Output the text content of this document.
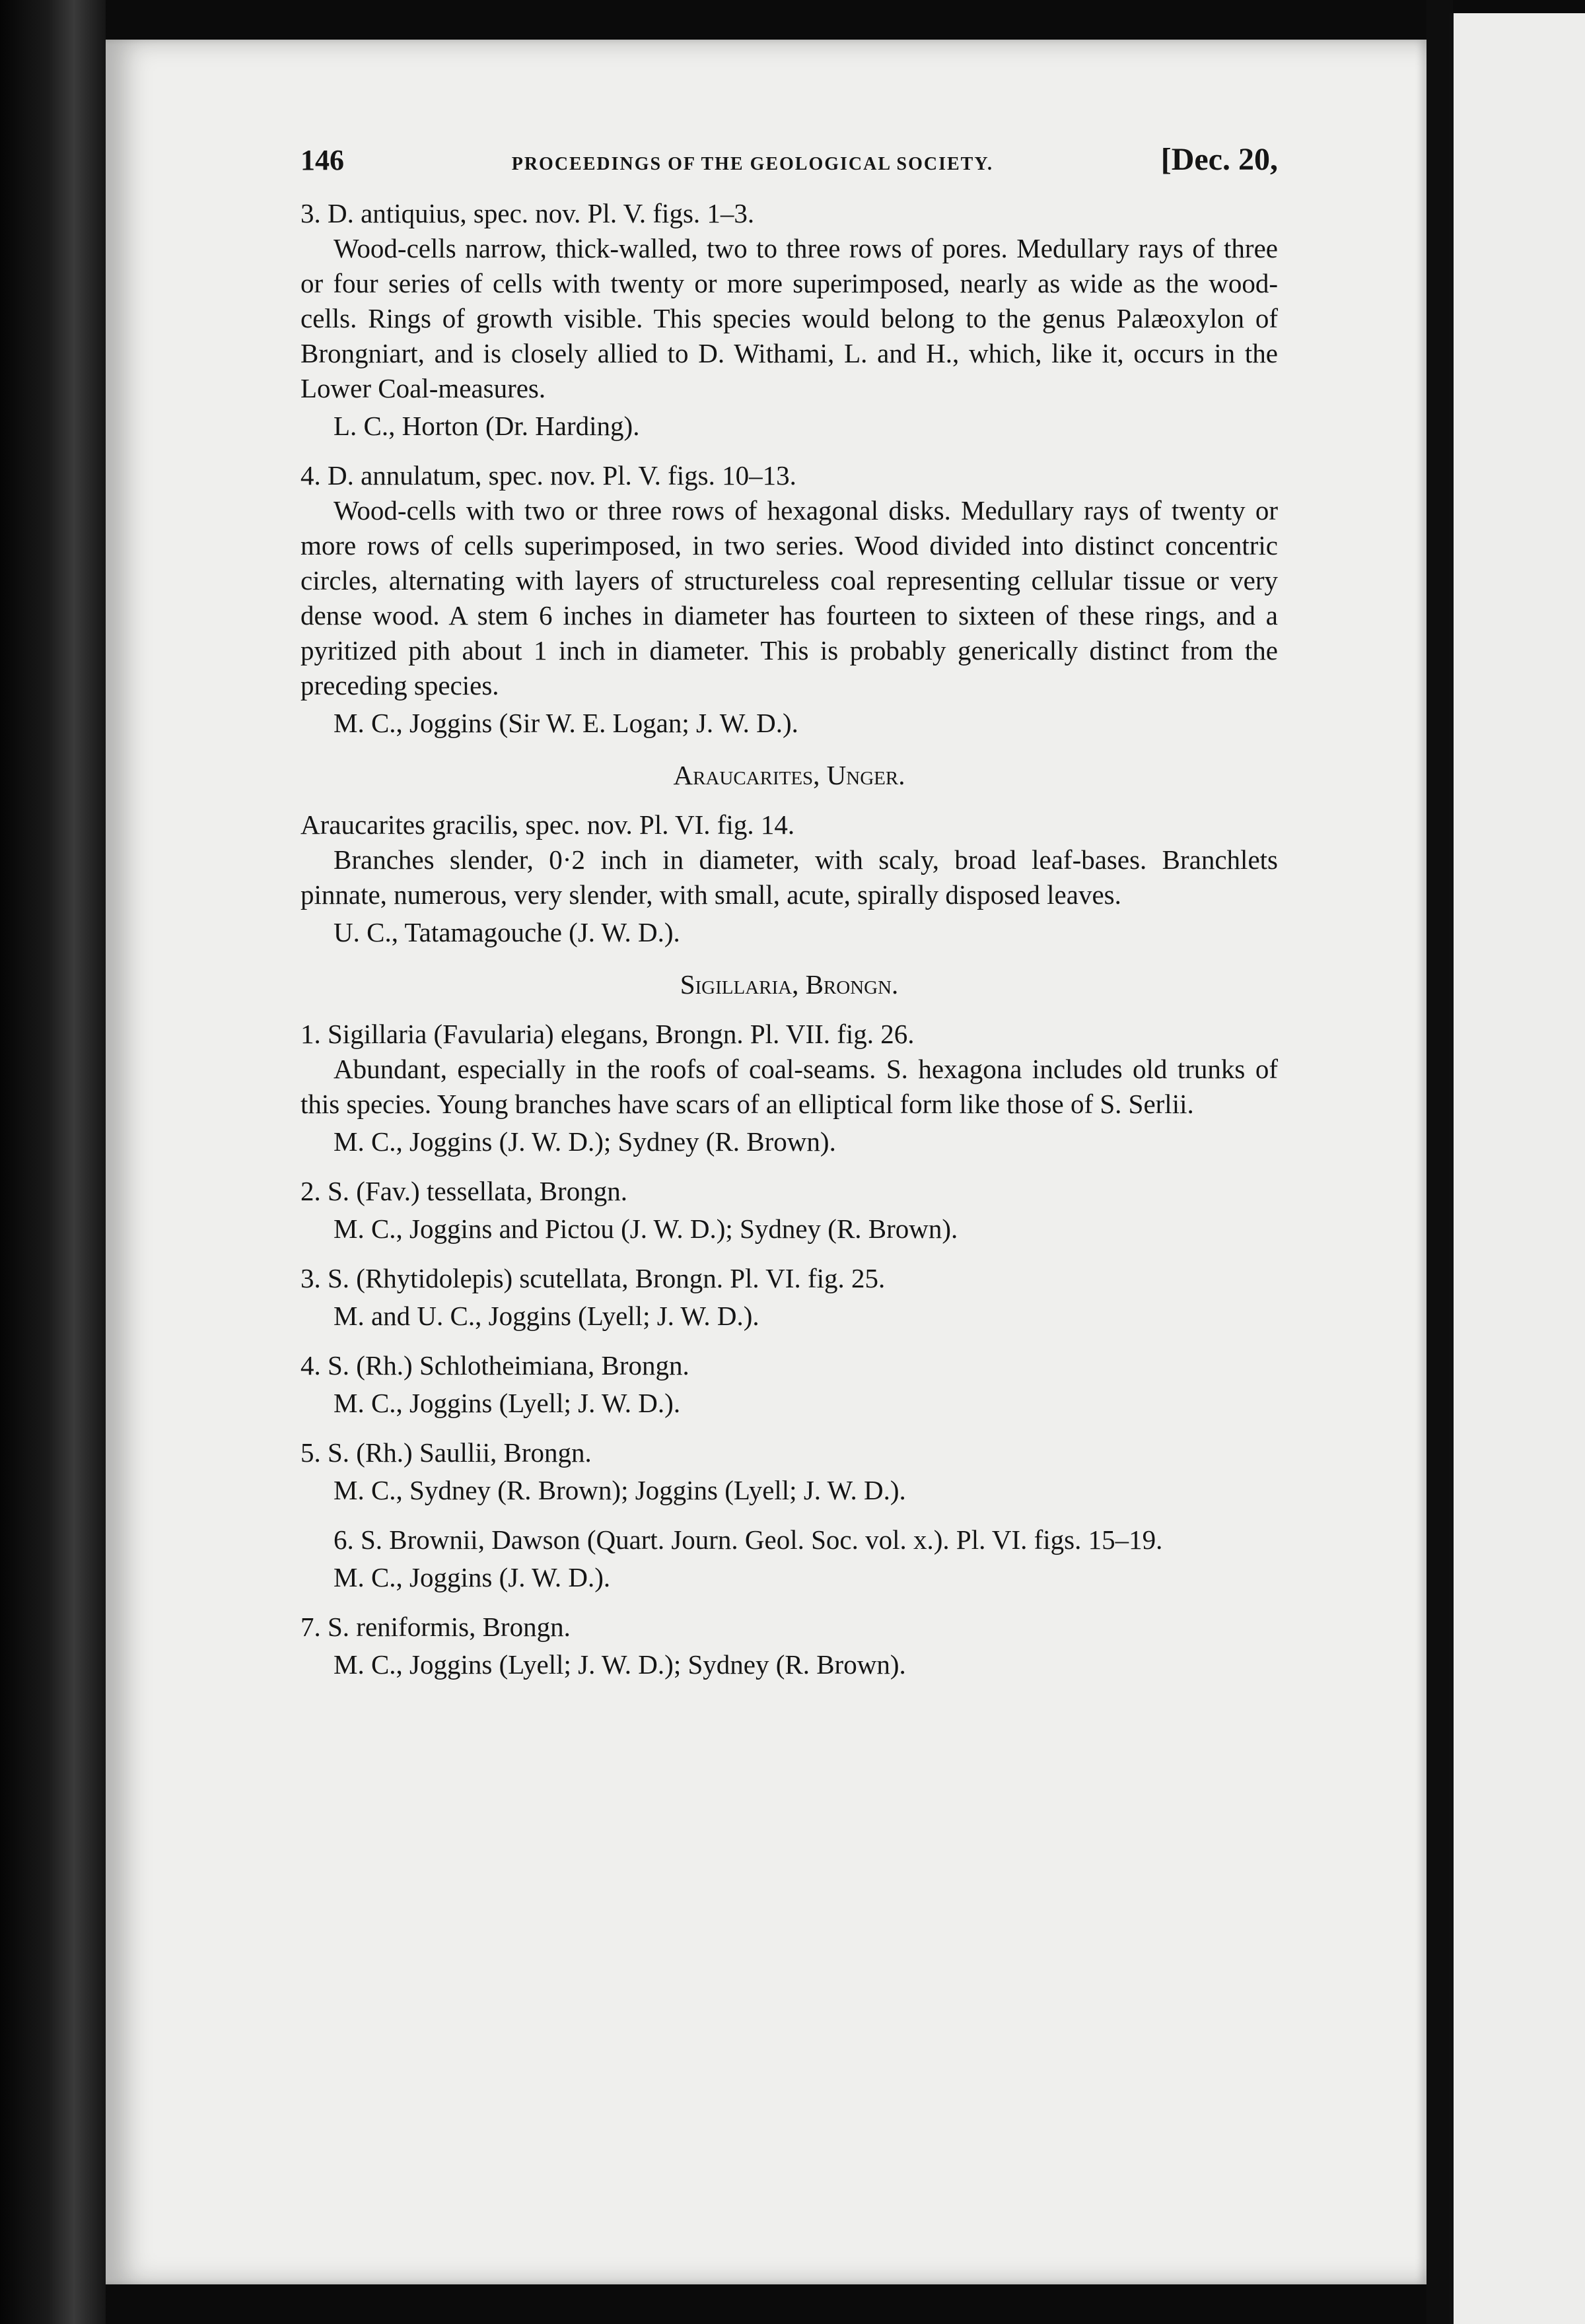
146	PROCEEDINGS OF THE GEOLOGICAL SOCIETY.	[Dec. 20,

3. D. antiquius, spec. nov. Pl. V. figs. 1–3.

Wood-cells narrow, thick-walled, two to three rows of pores. Medullary rays of three or four series of cells with twenty or more superimposed, nearly as wide as the wood-cells. Rings of growth visible. This species would belong to the genus Palæoxylon of Brongniart, and is closely allied to D. Withami, L. and H., which, like it, occurs in the Lower Coal-measures.

L. C., Horton (Dr. Harding).

4. D. annulatum, spec. nov. Pl. V. figs. 10–13.

Wood-cells with two or three rows of hexagonal disks. Medullary rays of twenty or more rows of cells superimposed, in two series. Wood divided into distinct concentric circles, alternating with layers of structureless coal representing cellular tissue or very dense wood. A stem 6 inches in diameter has fourteen to sixteen of these rings, and a pyritized pith about 1 inch in diameter. This is probably generically distinct from the preceding species.

M. C., Joggins (Sir W. E. Logan; J. W. D.).

Araucarites, Unger.

Araucarites gracilis, spec. nov. Pl. VI. fig. 14.

Branches slender, 0·2 inch in diameter, with scaly, broad leaf-bases. Branchlets pinnate, numerous, very slender, with small, acute, spirally disposed leaves.

U. C., Tatamagouche (J. W. D.).

Sigillaria, Brongn.

1. Sigillaria (Favularia) elegans, Brongn. Pl. VII. fig. 26.

Abundant, especially in the roofs of coal-seams. S. hexagona includes old trunks of this species. Young branches have scars of an elliptical form like those of S. Serlii.

M. C., Joggins (J. W. D.); Sydney (R. Brown).

2. S. (Fav.) tessellata, Brongn.

M. C., Joggins and Pictou (J. W. D.); Sydney (R. Brown).

3. S. (Rhytidolepis) scutellata, Brongn. Pl. VI. fig. 25.

M. and U. C., Joggins (Lyell; J. W. D.).

4. S. (Rh.) Schlotheimiana, Brongn.

M. C., Joggins (Lyell; J. W. D.).

5. S. (Rh.) Saullii, Brongn.

M. C., Sydney (R. Brown); Joggins (Lyell; J. W. D.).

6. S. Brownii, Dawson (Quart. Journ. Geol. Soc. vol. x.). Pl. VI. figs. 15–19.

M. C., Joggins (J. W. D.).

7. S. reniformis, Brongn.

M. C., Joggins (Lyell; J. W. D.); Sydney (R. Brown).
